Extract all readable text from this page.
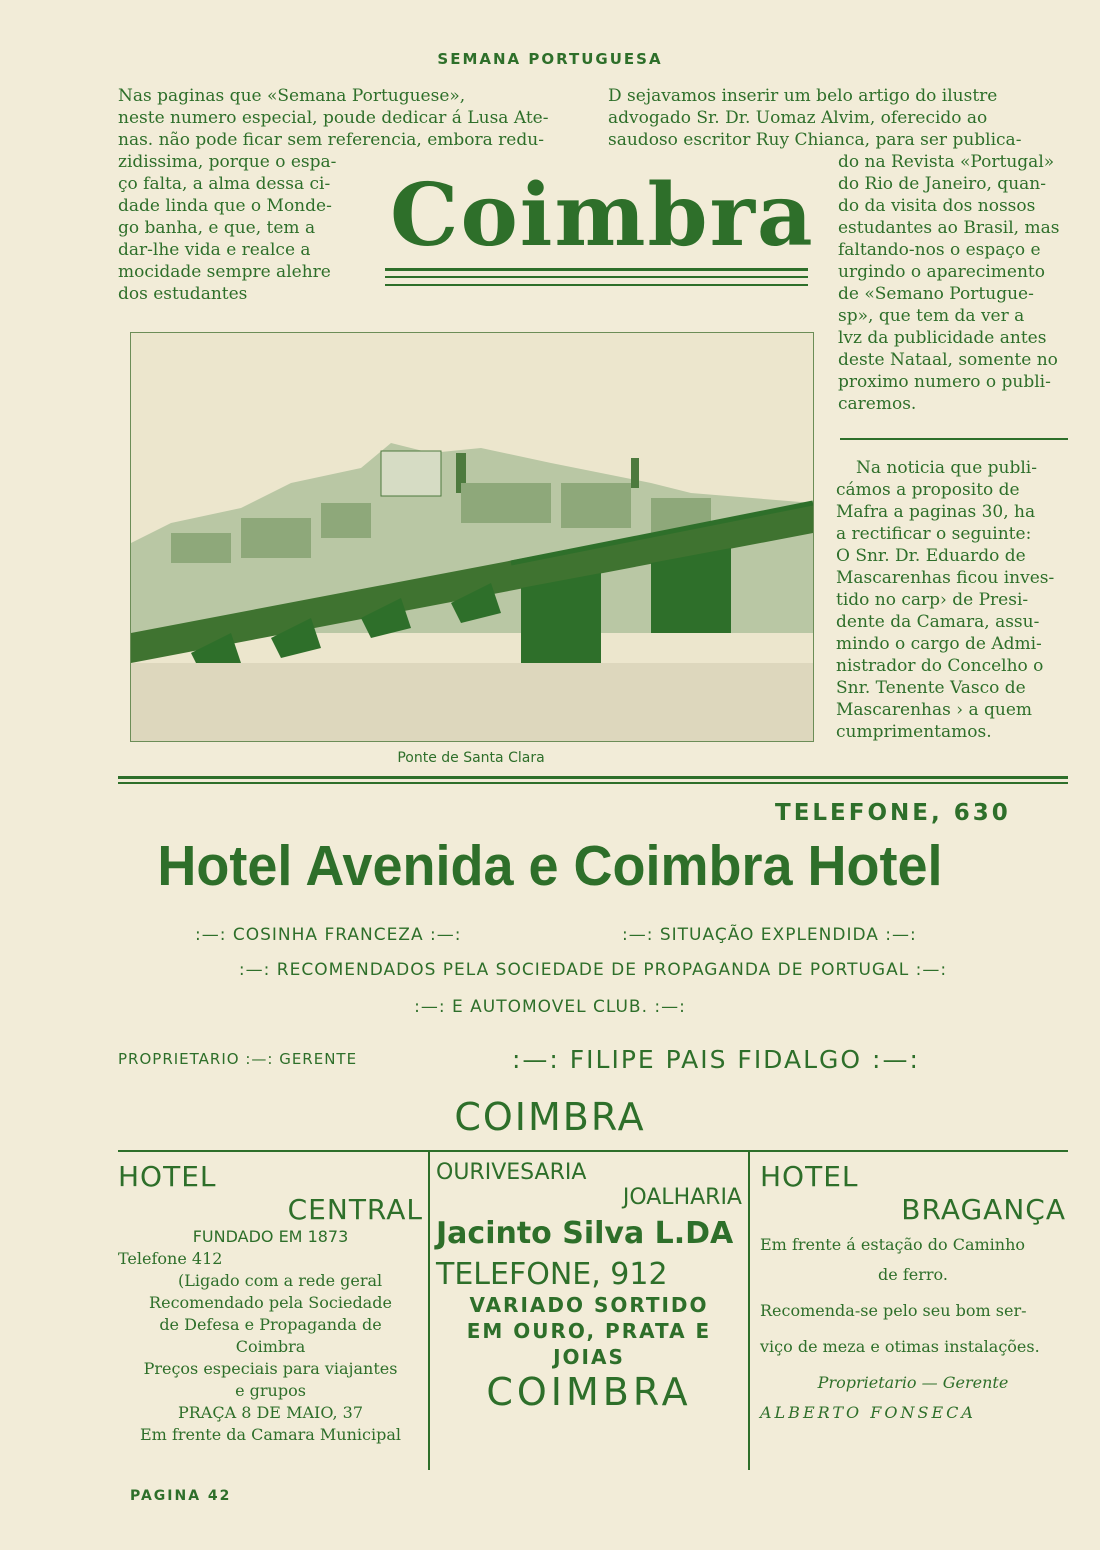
SEMANA PORTUGUESA
Nas paginas que «Semana Portuguese»,
neste numero especial, poude dedicar á Lusa Ate-
nas. não pode ficar sem referencia, embora redu-
zidissima, porque o espa-
ço falta, a alma dessa ci-
dade linda que o Monde-
go banha, e que, tem a
dar-lhe vida e realce a
mocidade sempre alehre
dos estudantes
D sejavamos inserir um belo artigo do ilustre
advogado Sr. Dr. Uomaz Alvim, oferecido ao
saudoso escritor Ruy Chianca, para ser publica-
do na Revista «Portugal»
do Rio de Janeiro, quan-
do da visita dos nossos
estudantes ao Brasil, mas
faltando-nos o espaço e
urgindo o aparecimento
de «Semano Portugue-
sp», que tem da ver a
lvz da publicidade antes
deste Nataal, somente no
proximo numero o publi-
caremos.
Coimbra
Ponte de Santa Clara
Na noticia que publi-
cámos a proposito de
Mafra a paginas 30, ha
a rectificar o seguinte:
O Snr. Dr. Eduardo de
Mascarenhas ficou inves-
tido no carp› de Presi-
dente da Camara, assu-
mindo o cargo de Admi-
nistrador do Concelho o
Snr. Tenente Vasco de
Mascarenhas › a quem
cumprimentamos.
TELEFONE, 630
Hotel Avenida e Coimbra Hotel
:—: COSINHA FRANCEZA :—:	:—: SITUAÇÃO EXPLENDIDA :—:
:—: RECOMENDADOS PELA SOCIEDADE DE PROPAGANDA DE PORTUGAL :—:
:—: E AUTOMOVEL CLUB. :—:
PROPRIETARIO :—: GERENTE	:—: FILIPE PAIS FIDALGO :—:
COIMBRA
HOTEL
CENTRAL
FUNDADO EM 1873
Telefone 412
(Ligado com a rede geral
Recomendado pela Sociedade
de Defesa e Propaganda de
Coimbra
Preços especiais para viajantes
e grupos
PRAÇA 8 DE MAIO, 37
Em frente da Camara Municipal
OURIVESARIA
JOALHARIA
Jacinto Silva L.DA
TELEFONE, 912
VARIADO SORTIDO
EM OURO, PRATA E
JOIAS
COIMBRA
HOTEL
BRAGANÇA
Em frente á estação do Caminho
de ferro.
Recomenda-se pelo seu bom ser-
viço de meza e otimas instalações.
Proprietario — Gerente
ALBERTO FONSECA
PAGINA 42
